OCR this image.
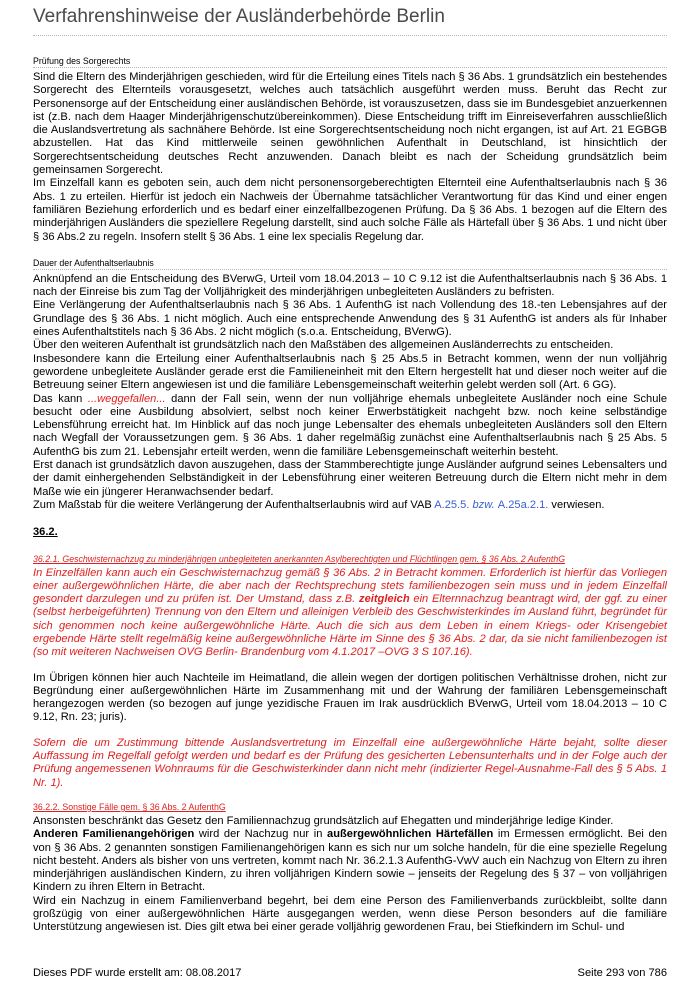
Verfahrenshinweise der Ausländerbehörde Berlin
Prüfung des Sorgerechts

Sind die Eltern des Minderjährigen geschieden, wird für die Erteilung eines Titels nach § 36 Abs. 1 grundsätzlich ein bestehendes Sorgerecht des Elternteils vorausgesetzt, welches auch tatsächlich ausgeführt werden muss. Beruht das Recht zur Personensorge auf der Entscheidung einer ausländischen Behörde, ist vorauszusetzen, dass sie im Bundesgebiet anzuerkennen ist (z.B. nach dem Haager Minderjährigenschutzübereinkommen). Diese Entscheidung trifft im Einreiseverfahren ausschließlich die Auslandsvertretung als sachnähere Behörde. Ist eine Sorgerechtsentscheidung noch nicht ergangen, ist auf Art. 21 EGBGB abzustellen. Hat das Kind mittlerweile seinen gewöhnlichen Aufenthalt in Deutschland, ist hinsichtlich der Sorgerechtsentscheidung deutsches Recht anzuwenden. Danach bleibt es nach der Scheidung grundsätzlich beim gemeinsamen Sorgerecht.

Im Einzelfall kann es geboten sein, auch dem nicht personensorgeberechtigten Elternteil eine Aufenthaltserlaubnis nach § 36 Abs. 1 zu erteilen. Hierfür ist jedoch ein Nachweis der Übernahme tatsächlicher Verantwortung für das Kind und einer engen familiären Beziehung erforderlich und es bedarf einer einzelfallbezogenen Prüfung. Da § 36 Abs. 1 bezogen auf die Eltern des minderjährigen Ausländers die speziellere Regelung darstellt, sind auch solche Fälle als Härtefall über § 36 Abs. 1 und nicht über § 36 Abs.2 zu regeln. Insofern stellt § 36 Abs. 1 eine lex specialis Regelung dar.

Dauer der Aufenthaltserlaubnis

Anknüpfend an die Entscheidung des BVerwG, Urteil vom 18.04.2013 – 10 C 9.12 ist die Aufenthaltserlaubnis nach § 36 Abs. 1 nach der Einreise bis zum Tag der Volljährigkeit des minderjährigen unbegleiteten Ausländers zu befristen.

Eine Verlängerung der Aufenthaltserlaubnis nach § 36 Abs. 1 AufenthG ist nach Vollendung des 18.-ten Lebensjahres auf der Grundlage des § 36 Abs. 1 nicht möglich. Auch eine entsprechende Anwendung des § 31 AufenthG ist anders als für Inhaber eines Aufenthaltstitels nach § 36 Abs. 2 nicht möglich (s.o.a. Entscheidung, BVerwG).

Über den weiteren Aufenthalt ist grundsätzlich nach den Maßstäben des allgemeinen Ausländerrechts zu entscheiden.

Insbesondere kann die Erteilung einer Aufenthaltserlaubnis nach § 25 Abs.5 in Betracht kommen, wenn der nun volljährig gewordene unbegleitete Ausländer gerade erst die Familieneinheit mit den Eltern hergestellt hat und dieser noch weiter auf die Betreuung seiner Eltern angewiesen ist und die familiäre Lebensgemeinschaft weiterhin gelebt werden soll (Art. 6 GG).

Das kann ...weggefallen... dann der Fall sein, wenn der nun volljährige ehemals unbegleitete Ausländer noch eine Schule besucht oder eine Ausbildung absolviert, selbst noch keiner Erwerbstätigkeit nachgeht bzw. noch keine selbständige Lebensführung erreicht hat. Im Hinblick auf das noch junge Lebensalter des ehemals unbegleiteten Ausländers soll den Eltern nach Wegfall der Voraussetzungen gem. § 36 Abs. 1 daher regelmäßig zunächst eine Aufenthaltserlaubnis nach § 25 Abs. 5 AufenthG bis zum 21. Lebensjahr erteilt werden, wenn die familiäre Lebensgemeinschaft weiterhin besteht.

Erst danach ist grundsätzlich davon auszugehen, dass der Stammberechtigte junge Ausländer aufgrund seines Lebensalters und der damit einhergehenden Selbständigkeit in der Lebensführung einer weiteren Betreuung durch die Eltern nicht mehr in dem Maße wie ein jüngerer Heranwachsender bedarf.

Zum Maßstab für die weitere Verlängerung der Aufenthaltserlaubnis wird auf VAB A.25.5. bzw. A.25a.2.1. verwiesen.

36.2.
36.2.1. Geschwisternachzug zu minderjährigen unbegleiteten anerkannten Asylberechtigten und Flüchtlingen gem. § 36 Abs. 2 AufenthG

In Einzelfällen kann auch ein Geschwisternachzug gemäß § 36 Abs. 2 in Betracht kommen. Erforderlich ist hierfür das Vorliegen einer außergewöhnlichen Härte, die aber nach der Rechtsprechung stets familienbezogen sein muss und in jedem Einzelfall gesondert darzulegen und zu prüfen ist. Der Umstand, dass z.B. zeitgleich ein Elternnachzug beantragt wird, der ggf. zu einer (selbst herbeigeführten) Trennung von den Eltern und alleinigen Verbleib des Geschwisterkindes im Ausland führt, begründet für sich genommen noch keine außergewöhnliche Härte. Auch die sich aus dem Leben in einem Kriegs- oder Krisengebiet ergebende Härte stellt regelmäßig keine außergewöhnliche Härte im Sinne des § 36 Abs. 2 dar, da sie nicht familienbezogen ist (so mit weiteren Nachweisen OVG Berlin- Brandenburg vom 4.1.2017 –OVG 3 S 107.16).

Im Übrigen können hier auch Nachteile im Heimatland, die allein wegen der dortigen politischen Verhältnisse drohen, nicht zur Begründung einer außergewöhnlichen Härte im Zusammenhang mit und der Wahrung der familiären Lebensgemeinschaft herangezogen werden (so bezogen auf junge yezidische Frauen im Irak ausdrücklich BVerwG, Urteil vom 18.04.2013 – 10 C 9.12, Rn. 23; juris).

Sofern die um Zustimmung bittende Auslandsvertretung im Einzelfall eine außergewöhnliche Härte bejaht, sollte dieser Auffassung im Regelfall gefolgt werden und bedarf es der Prüfung des gesicherten Lebensunterhalts und in der Folge auch der Prüfung angemessenen Wohnraums für die Geschwisterkinder dann nicht mehr (indizierter Regel-Ausnahme-Fall des § 5 Abs. 1 Nr. 1).

36.2.2. Sonstige Fälle gem. § 36 Abs. 2 AufenthG

Ansonsten beschränkt das Gesetz den Familiennachzug grundsätzlich auf Ehegatten und minderjährige ledige Kinder.

Anderen Familienangehörigen wird der Nachzug nur in außergewöhnlichen Härtefällen im Ermessen ermöglicht. Bei den von § 36 Abs. 2 genannten sonstigen Familienangehörigen kann es sich nur um solche handeln, für die eine spezielle Regelung nicht besteht. Anders als bisher von uns vertreten, kommt nach Nr. 36.2.1.3 AufenthG-VwV auch ein Nachzug von Eltern zu ihren minderjährigen ausländischen Kindern, zu ihren volljährigen Kindern sowie – jenseits der Regelung des § 37 – von volljährigen Kindern zu ihren Eltern in Betracht.

Wird ein Nachzug in einem Familienverband begehrt, bei dem eine Person des Familienverbands zurückbleibt, sollte dann großzügig von einer außergewöhnlichen Härte ausgegangen werden, wenn diese Person besonders auf die familiäre Unterstützung angewiesen ist. Dies gilt etwa bei einer gerade volljährig gewordenen Frau, bei Stiefkindern im Schul- und

Dieses PDF wurde erstellt am: 08.08.2017	Seite 293 von 786
